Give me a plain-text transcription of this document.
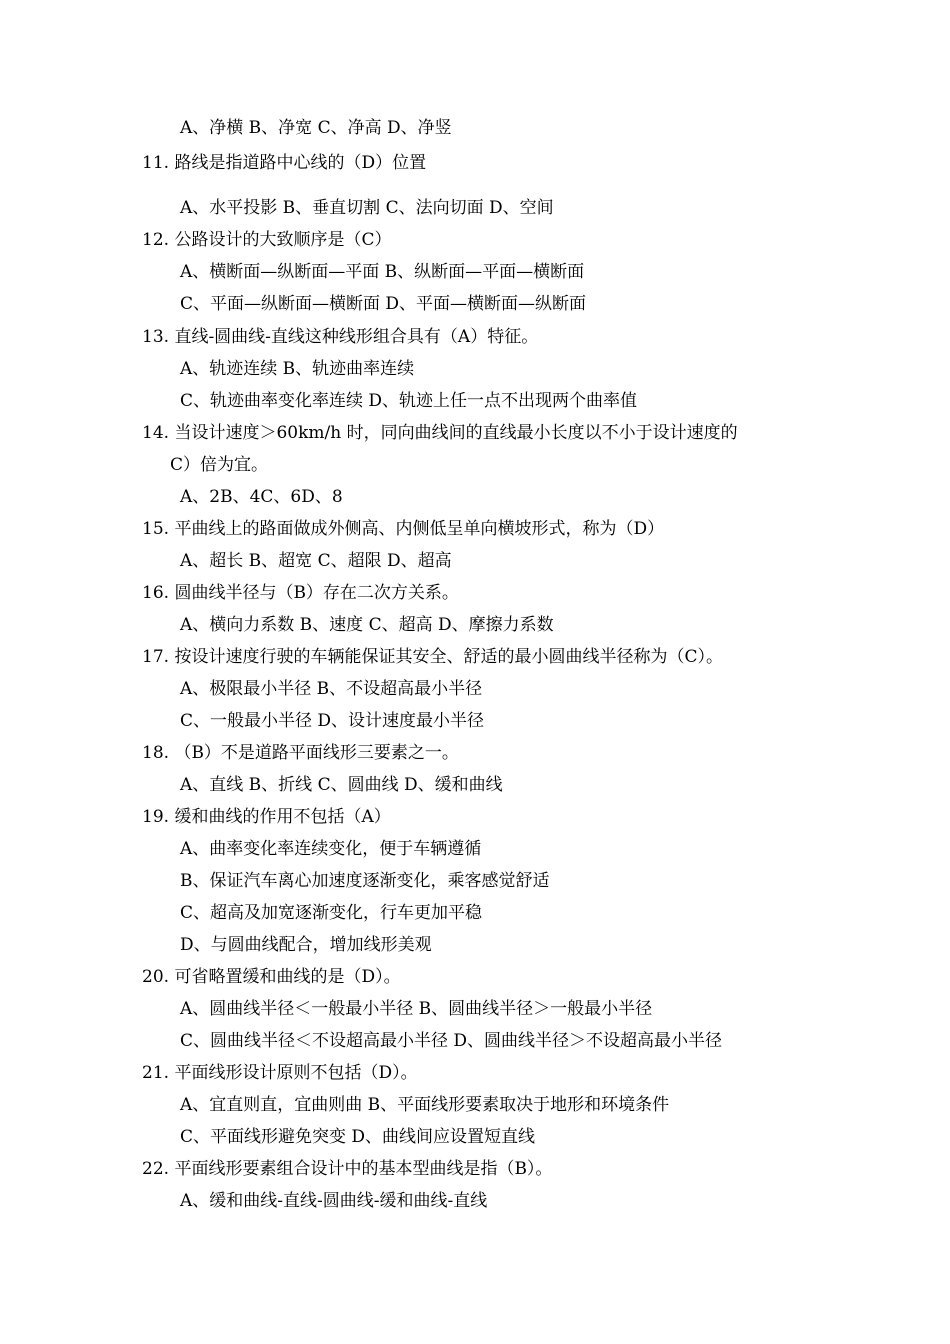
A、净横 B、净宽 C、净高 D、净竖
11. 路线是指道路中心线的（D）位置
A、水平投影 B、垂直切割 C、法向切面 D、空间
12. 公路设计的大致顺序是（C）
A、横断面—纵断面—平面 B、纵断面—平面—横断面
C、平面—纵断面—横断面 D、平面—横断面—纵断面
13. 直线-圆曲线-直线这种线形组合具有（A）特征。
A、轨迹连续 B、轨迹曲率连续
C、轨迹曲率变化率连续 D、轨迹上任一点不出现两个曲率值
14. 当设计速度＞60km/h 时，同向曲线间的直线最小长度以不小于设计速度的
C）倍为宜。
A、2B、4C、6D、8
15. 平曲线上的路面做成外侧高、内侧低呈单向横坡形式，称为（D）
A、超长 B、超宽 C、超限 D、超高
16. 圆曲线半径与（B）存在二次方关系。
A、横向力系数 B、速度 C、超高 D、摩擦力系数
17. 按设计速度行驶的车辆能保证其安全、舒适的最小圆曲线半径称为（C）。
A、极限最小半径 B、不设超高最小半径
C、一般最小半径 D、设计速度最小半径
18. （B）不是道路平面线形三要素之一。
A、直线 B、折线 C、圆曲线 D、缓和曲线
19. 缓和曲线的作用不包括（A）
A、曲率变化率连续变化，便于车辆遵循
B、保证汽车离心加速度逐渐变化，乘客感觉舒适
C、超高及加宽逐渐变化，行车更加平稳
D、与圆曲线配合，增加线形美观
20. 可省略置缓和曲线的是（D）。
A、圆曲线半径＜一般最小半径 B、圆曲线半径＞一般最小半径
C、圆曲线半径＜不设超高最小半径 D、圆曲线半径＞不设超高最小半径
21. 平面线形设计原则不包括（D）。
A、宜直则直，宜曲则曲 B、平面线形要素取决于地形和环境条件
C、平面线形避免突变 D、曲线间应设置短直线
22. 平面线形要素组合设计中的基本型曲线是指（B）。
A、缓和曲线-直线-圆曲线-缓和曲线-直线
